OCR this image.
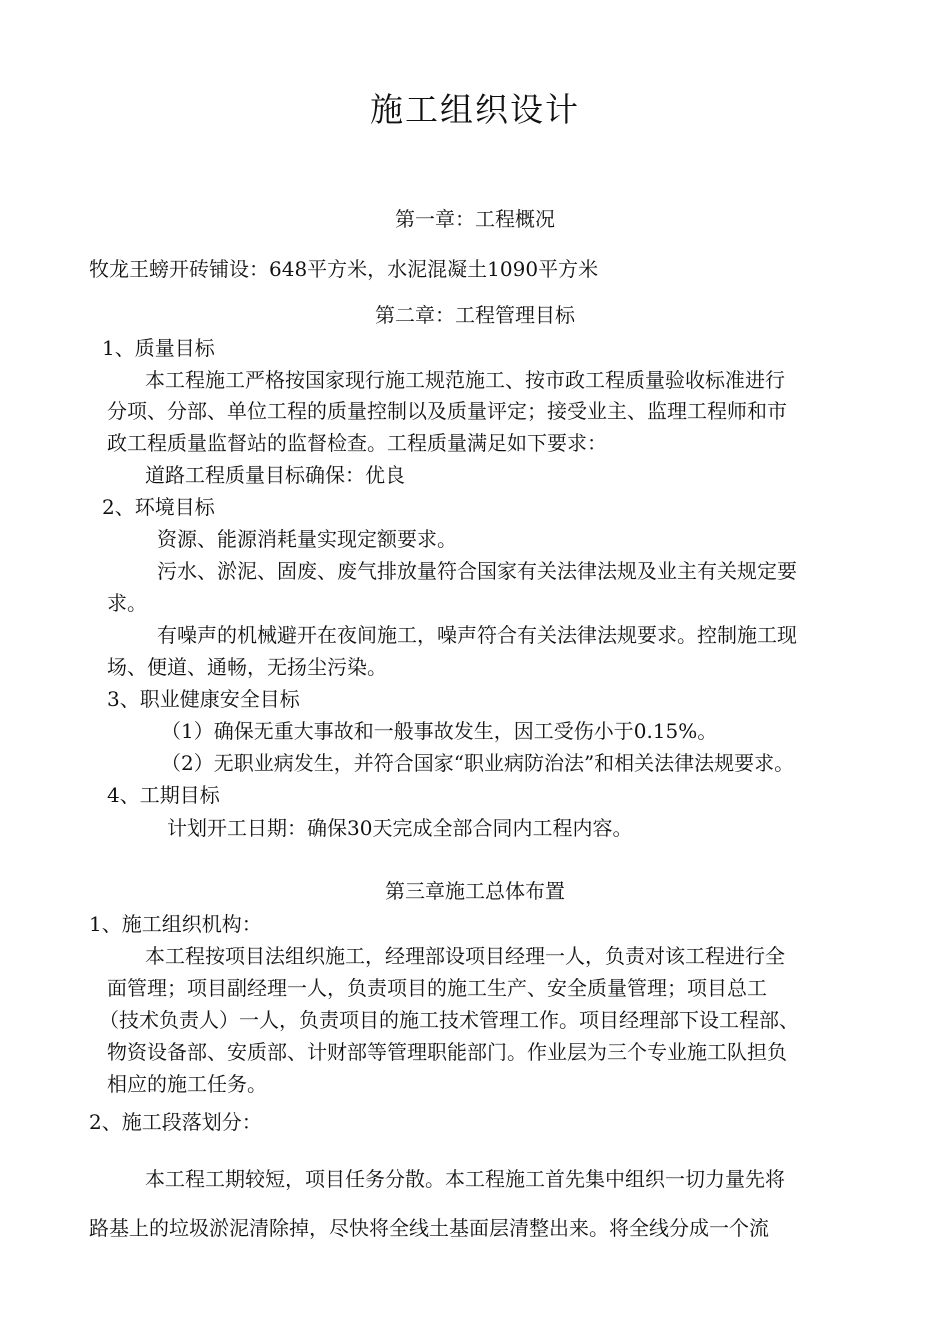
施工组织设计
第一章：工程概况
牧龙王螃开砖铺设：648平方米，水泥混凝土1090平方米
第二章：工程管理目标
1、质量目标
本工程施工严格按国家现行施工规范施工、按市政工程质量验收标准进行
分项、分部、单位工程的质量控制以及质量评定；接受业主、监理工程师和市
政工程质量监督站的监督检查。工程质量满足如下要求：
道路工程质量目标确保：优良
2、环境目标
资源、能源消耗量实现定额要求。
污水、淤泥、固废、废气排放量符合国家有关法律法规及业主有关规定要
求。
有噪声的机械避开在夜间施工，噪声符合有关法律法规要求。控制施工现
场、便道、通畅，无扬尘污染。
3、职业健康安全目标
（1）确保无重大事故和一般事故发生，因工受伤小于0.15%。
（2）无职业病发生，并符合国家“职业病防治法”和相关法律法规要求。
4、工期目标
计划开工日期：确保30天完成全部合同内工程内容。
第三章施工总体布置
1、施工组织机构：
本工程按项目法组织施工，经理部设项目经理一人，负责对该工程进行全
面管理；项目副经理一人，负责项目的施工生产、安全质量管理；项目总工
（技术负责人）一人，负责项目的施工技术管理工作。项目经理部下设工程部、
物资设备部、安质部、计财部等管理职能部门。作业层为三个专业施工队担负
相应的施工任务。
2、施工段落划分：
本工程工期较短，项目任务分散。本工程施工首先集中组织一切力量先将
路基上的垃圾淤泥清除掉，尽快将全线土基面层清整出来。将全线分成一个流
